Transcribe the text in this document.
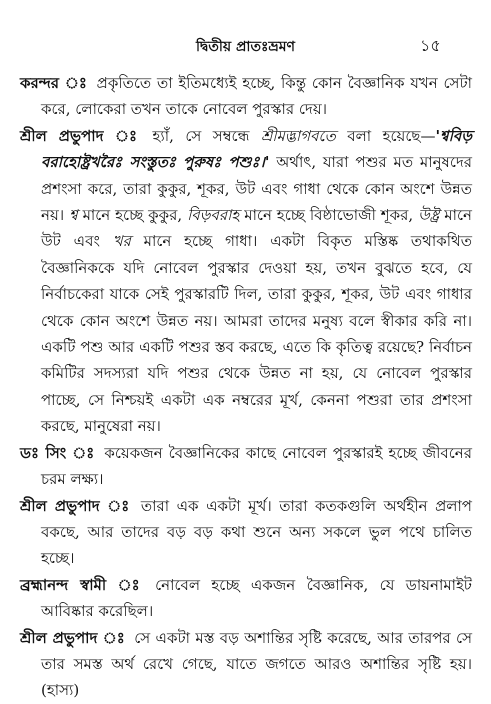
দ্বিতীয় প্রাতঃভ্রমণ	১৫

করন্দর ঃ প্রকৃতিতে তা ইতিমধ্যেই হচ্ছে, কিন্তু কোন বৈজ্ঞানিক যখন সেটা করে, লোকেরা তখন তাকে নোবেল পুরস্কার দেয়।

শ্রীল প্রভুপাদ ঃ হ্যাঁ, সে সম্বন্ধে শ্রীমদ্ভাগবতে বলা হয়েছে—'শ্ববিড় বরাহোষ্ট্রখরৈঃ সংস্তুতঃ পুরুষঃ পশুঃ।' অর্থাৎ, যারা পশুর মত মানুষদের প্রশংসা করে, তারা কুকুর, শূকর, উট এবং গাধা থেকে কোন অংশে উন্নত নয়। শ্ব মানে হচ্ছে কুকুর, বিড়বরাহ মানে হচ্ছে বিষ্ঠাভোজী শূকর, উষ্ট্র মানে উট এবং খর মানে হচ্ছে গাধা। একটা বিকৃত মস্তিষ্ক তথাকথিত বৈজ্ঞানিককে যদি নোবেল পুরস্কার দেওয়া হয়, তখন বুঝতে হবে, যে নির্বাচকেরা যাকে সেই পুরস্কারটি দিল, তারা কুকুর, শূকর, উট এবং গাধার থেকে কোন অংশে উন্নত নয়। আমরা তাদের মনুষ্য বলে স্বীকার করি না। একটি পশু আর একটি পশুর স্তব করছে, এতে কি কৃতিত্ব রয়েছে? নির্বাচন কমিটির সদস্যরা যদি পশুর থেকে উন্নত না হয়, যে নোবেল পুরস্কার পাচ্ছে, সে নিশ্চয়ই একটা এক নম্বরের মূর্খ, কেননা পশুরা তার প্রশংসা করছে, মানুষেরা নয়।

ডঃ সিং ঃ কয়েকজন বৈজ্ঞানিকের কাছে নোবেল পুরস্কারই হচ্ছে জীবনের চরম লক্ষ্য।

শ্রীল প্রভুপাদ ঃ তারা এক একটা মূর্খ। তারা কতকগুলি অর্থহীন প্রলাপ বকছে, আর তাদের বড় বড় কথা শুনে অন্য সকলে ভুল পথে চালিত হচ্ছে।

ব্রহ্মানন্দ স্বামী ঃ নোবেল হচ্ছে একজন বৈজ্ঞানিক, যে ডায়নামাইট আবিষ্কার করেছিল।

শ্রীল প্রভুপাদ ঃ সে একটা মস্ত বড় অশান্তির সৃষ্টি করেছে, আর তারপর সে তার সমস্ত অর্থ রেখে গেছে, যাতে জগতে আরও অশান্তির সৃষ্টি হয়। (হাস্য)
